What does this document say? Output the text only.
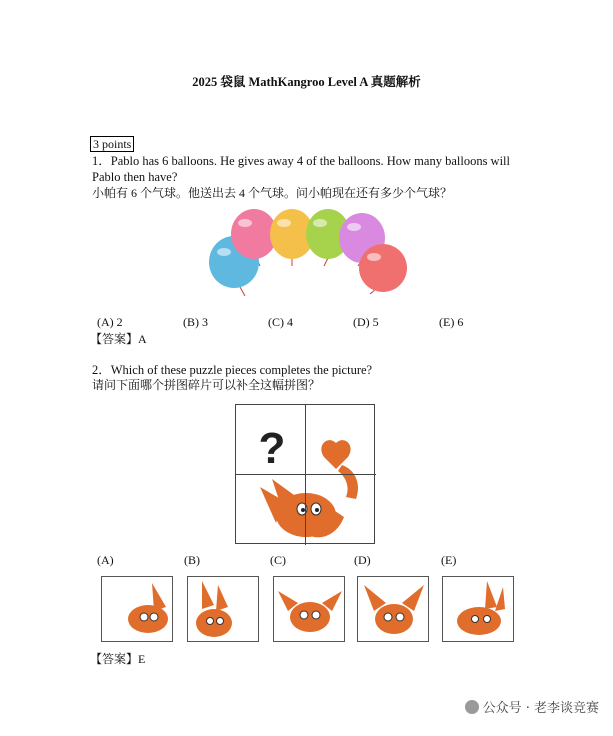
2025 袋鼠 MathKangroo Level A 真题解析
3 points
1．Pablo has 6 balloons. He gives away 4 of the balloons. How many balloons will
Pablo then have?
小帕有 6 个气球。他送出去 4 个气球。问小帕现在还有多少个气球？
(A) 2	(B) 3	(C) 4	(D) 5	(E) 6
【答案】A
2．Which of these puzzle pieces completes the picture?
请问下面哪个拼图碎片可以补全这幅拼图？
?
(A)	(B)	(C)	(D)	(E)
【答案】E
公众号 · 老李谈竞赛
